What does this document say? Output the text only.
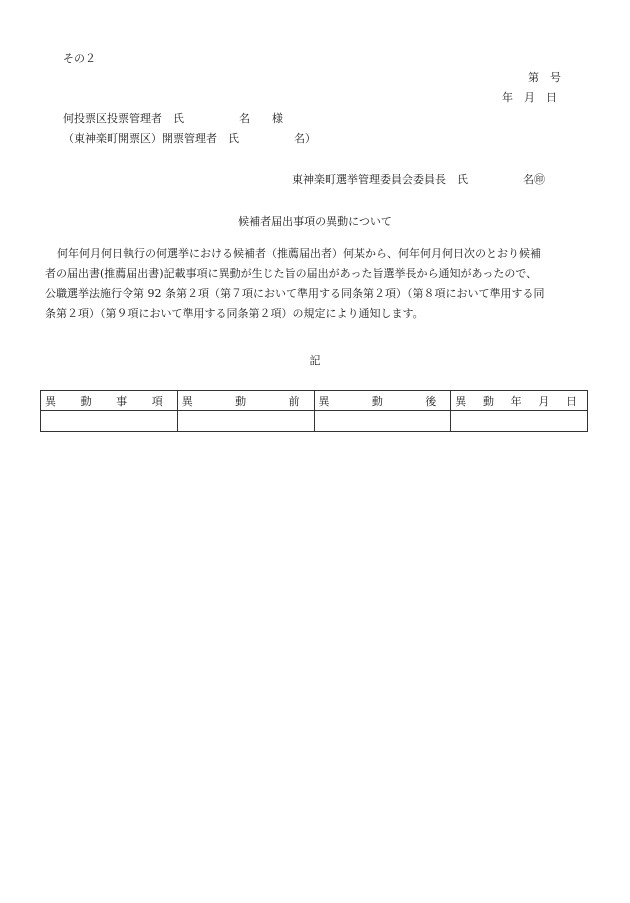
その２
第　号
年　月　日
何投票区投票管理者　氏　　　　　名　　様
（東神楽町開票区）開票管理者　氏　　　　　名）
東神楽町選挙管理委員会委員長　氏　　　　　名㊞
候補者届出事項の異動について

何年何月何日執行の何選挙における候補者（推薦届出者）何某から、何年何月何日次のとおり候補

者の届出書(推薦届出書)記載事項に異動が生じた旨の届出があった旨選挙長から通知があったので、

公職選挙法施行令第 92 条第２項（第７項において準用する同条第２項）（第８項において準用する同

条第２項）（第９項において準用する同条第２項）の規定により通知します。

記
異 動 事 項	異 動 前	異 動 後	異 動 年 月 日
